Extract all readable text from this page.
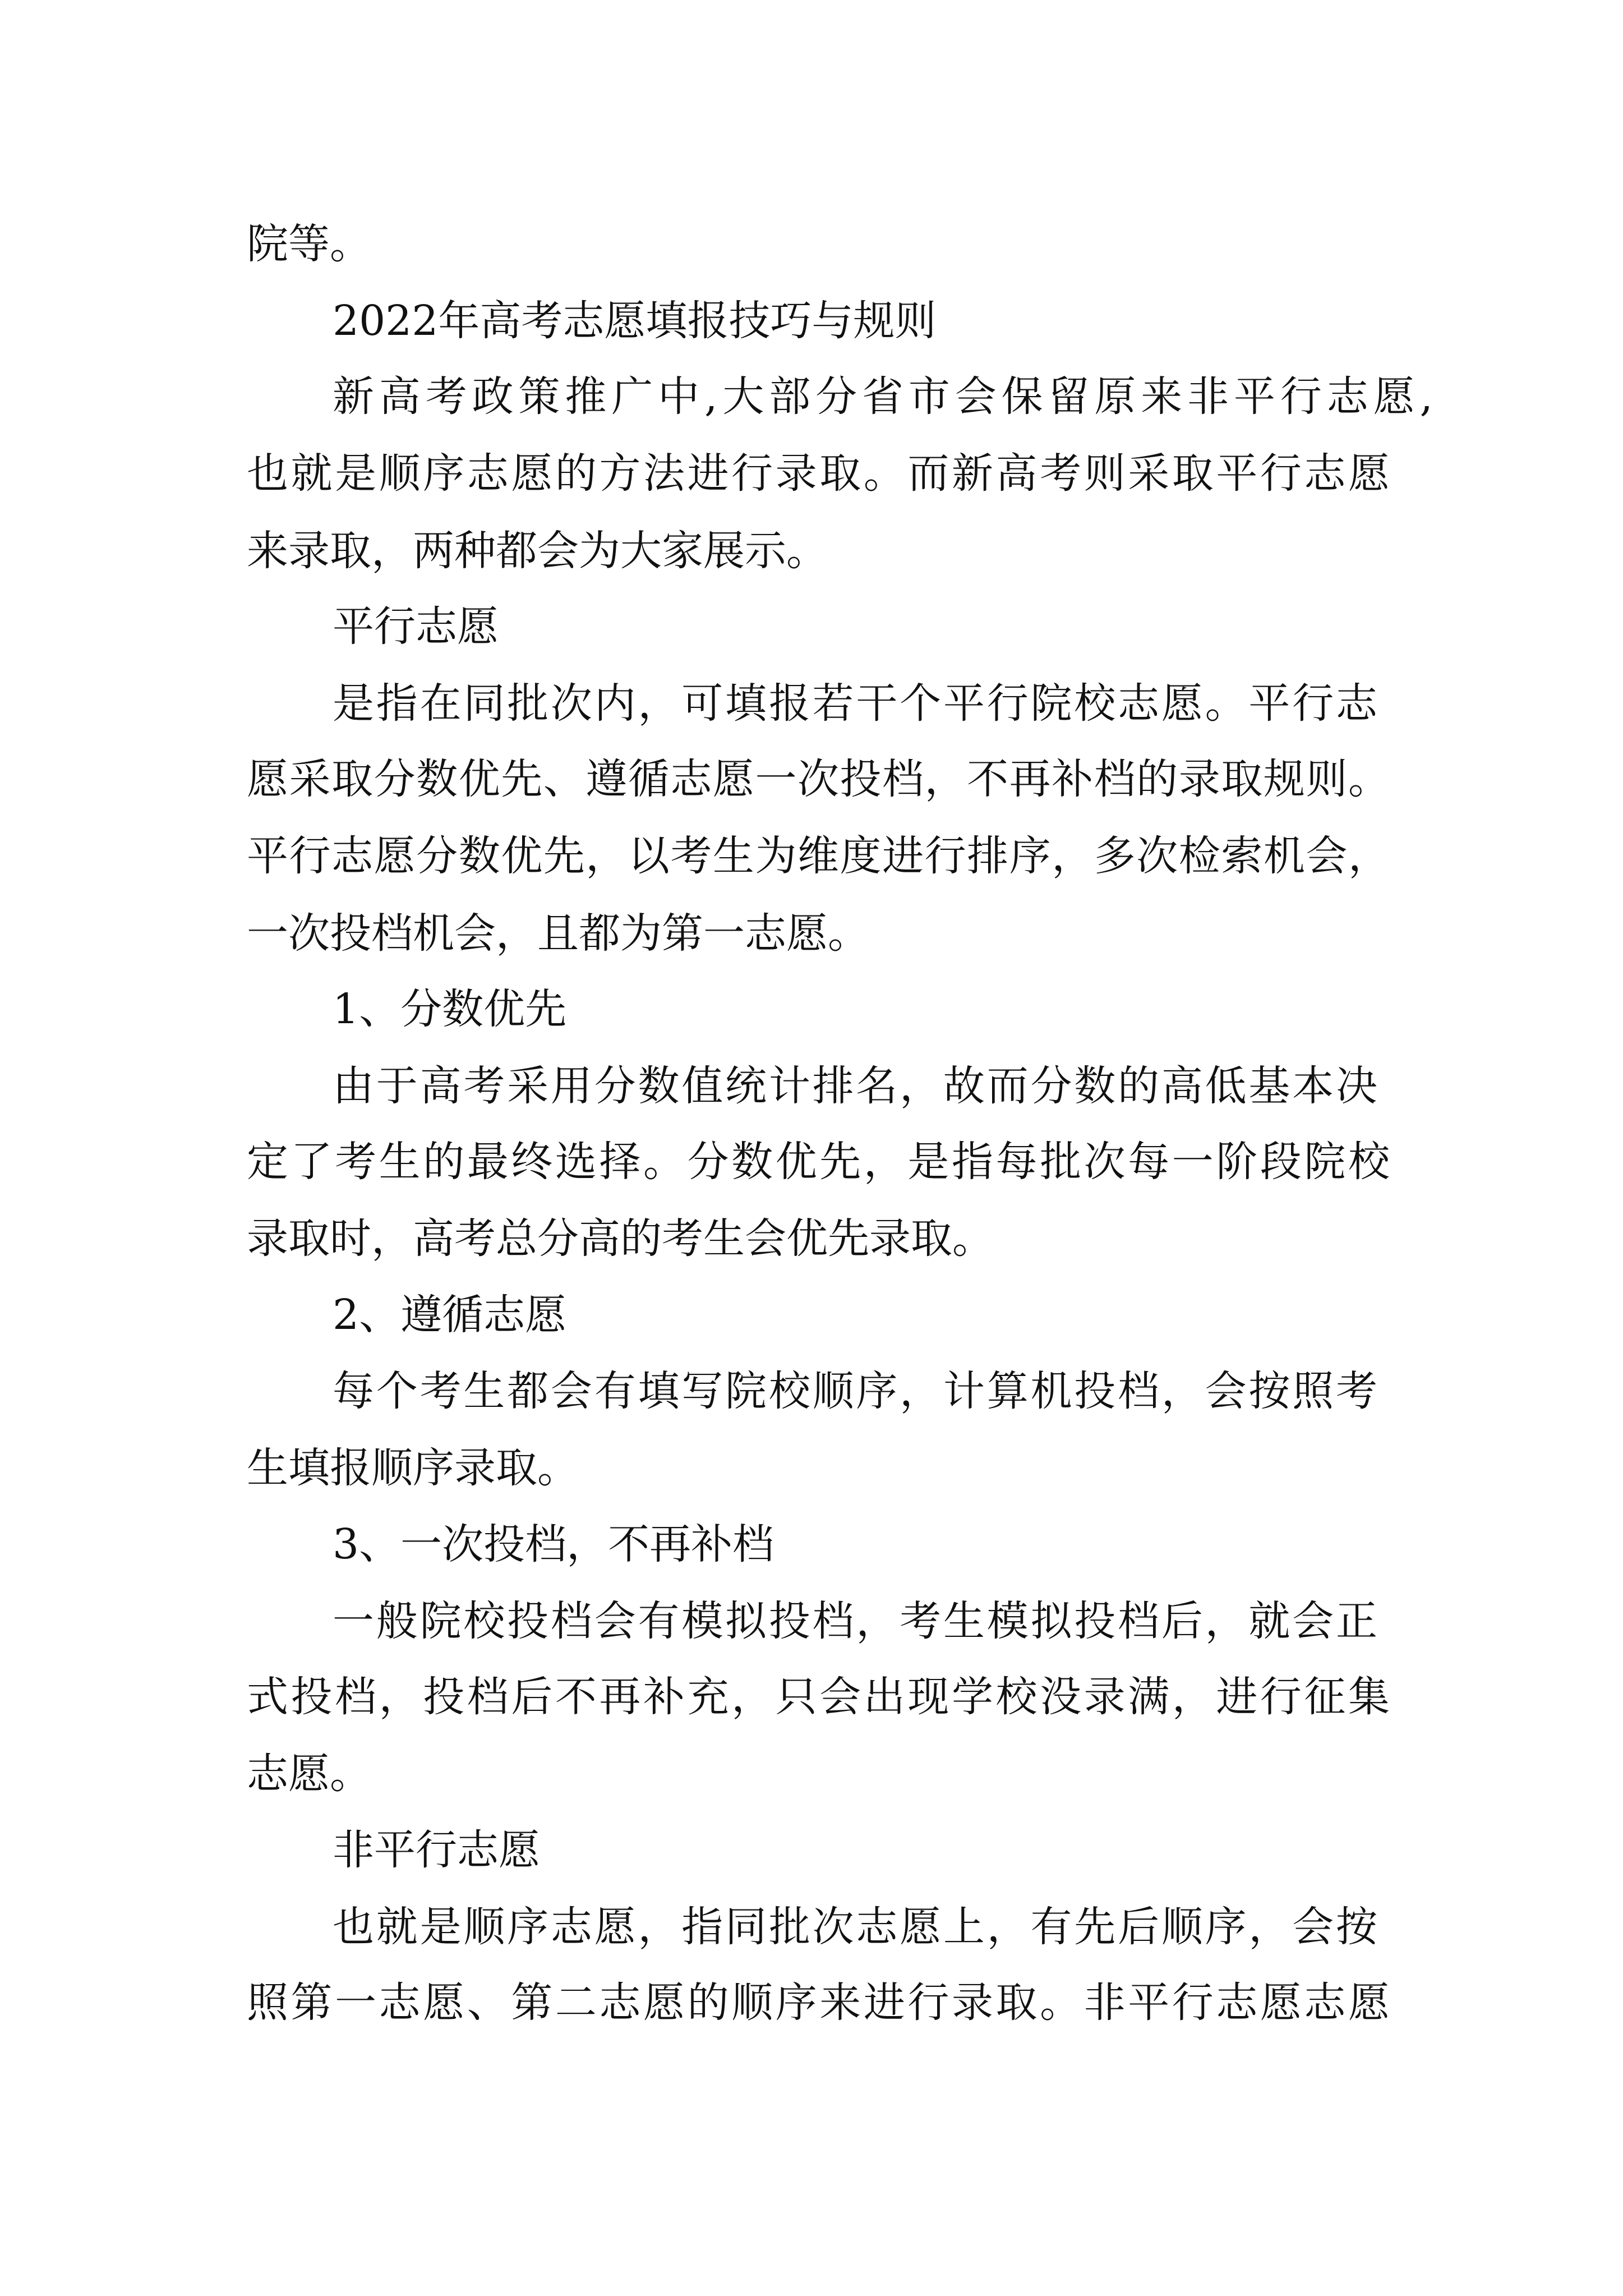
院等。

2022年高考志愿填报技巧与规则

新高考政策推广中,大部分省市会保留原来非平行志愿,

也就是顺序志愿的方法进行录取。而新高考则采取平行志愿

来录取，两种都会为大家展示。

平行志愿

是指在同批次内，可填报若干个平行院校志愿。平行志

愿采取分数优先、遵循志愿一次投档，不再补档的录取规则。

平行志愿分数优先，以考生为维度进行排序，多次检索机会，

一次投档机会，且都为第一志愿。

1、分数优先

由于高考采用分数值统计排名，故而分数的高低基本决

定了考生的最终选择。分数优先，是指每批次每一阶段院校

录取时，高考总分高的考生会优先录取。

2、遵循志愿

每个考生都会有填写院校顺序，计算机投档，会按照考

生填报顺序录取。

3、一次投档，不再补档

一般院校投档会有模拟投档，考生模拟投档后，就会正

式投档，投档后不再补充，只会出现学校没录满，进行征集

志愿。

非平行志愿

也就是顺序志愿，指同批次志愿上，有先后顺序，会按

照第一志愿、第二志愿的顺序来进行录取。非平行志愿志愿
